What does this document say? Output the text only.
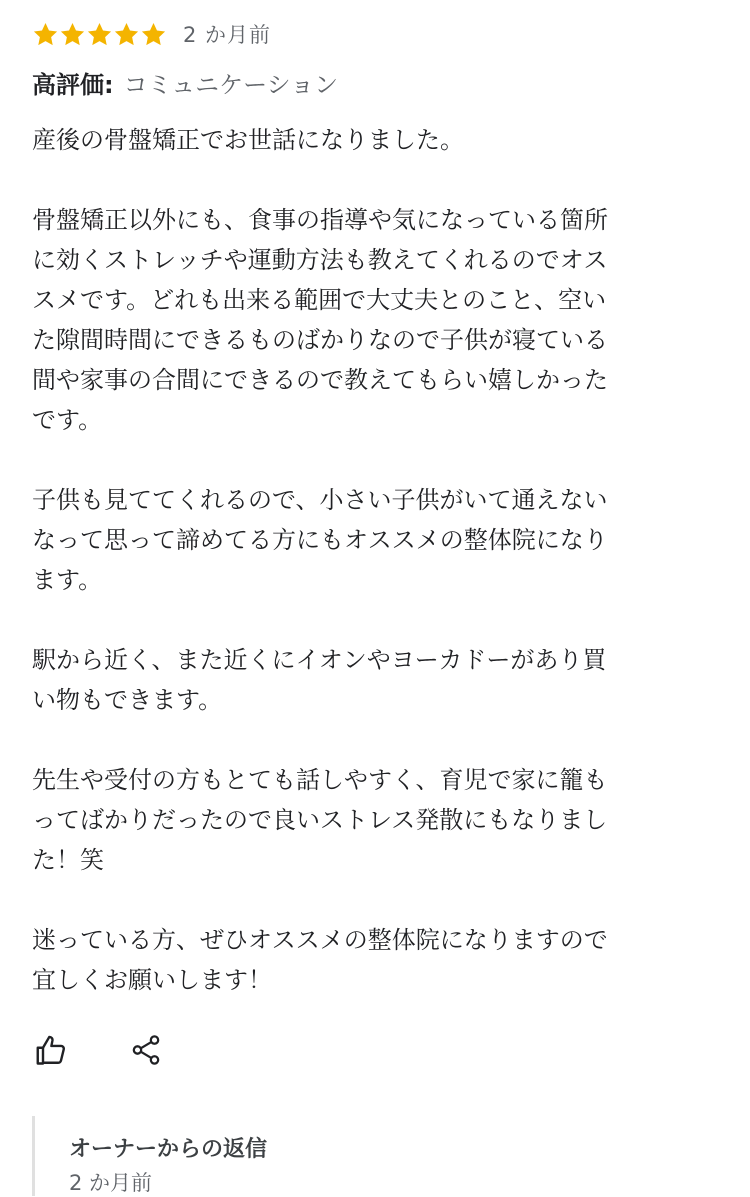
2 か月前
高評価: コミュニケーション

産後の骨盤矯正でお世話になりました。

骨盤矯正以外にも、食事の指導や気になっている箇所
に効くストレッチや運動方法も教えてくれるのでオス
スメです。どれも出来る範囲で大丈夫とのこと、空い
た隙間時間にできるものばかりなので子供が寝ている
間や家事の合間にできるので教えてもらい嬉しかった
です。

子供も見ててくれるので、小さい子供がいて通えない
なって思って諦めてる方にもオススメの整体院になり
ます。

駅から近く、また近くにイオンやヨーカドーがあり買
い物もできます。

先生や受付の方もとても話しやすく、育児で家に籠も
ってばかりだったので良いストレス発散にもなりまし
た！笑

迷っている方、ぜひオススメの整体院になりますので
宜しくお願いします！

オーナーからの返信
2 か月前
